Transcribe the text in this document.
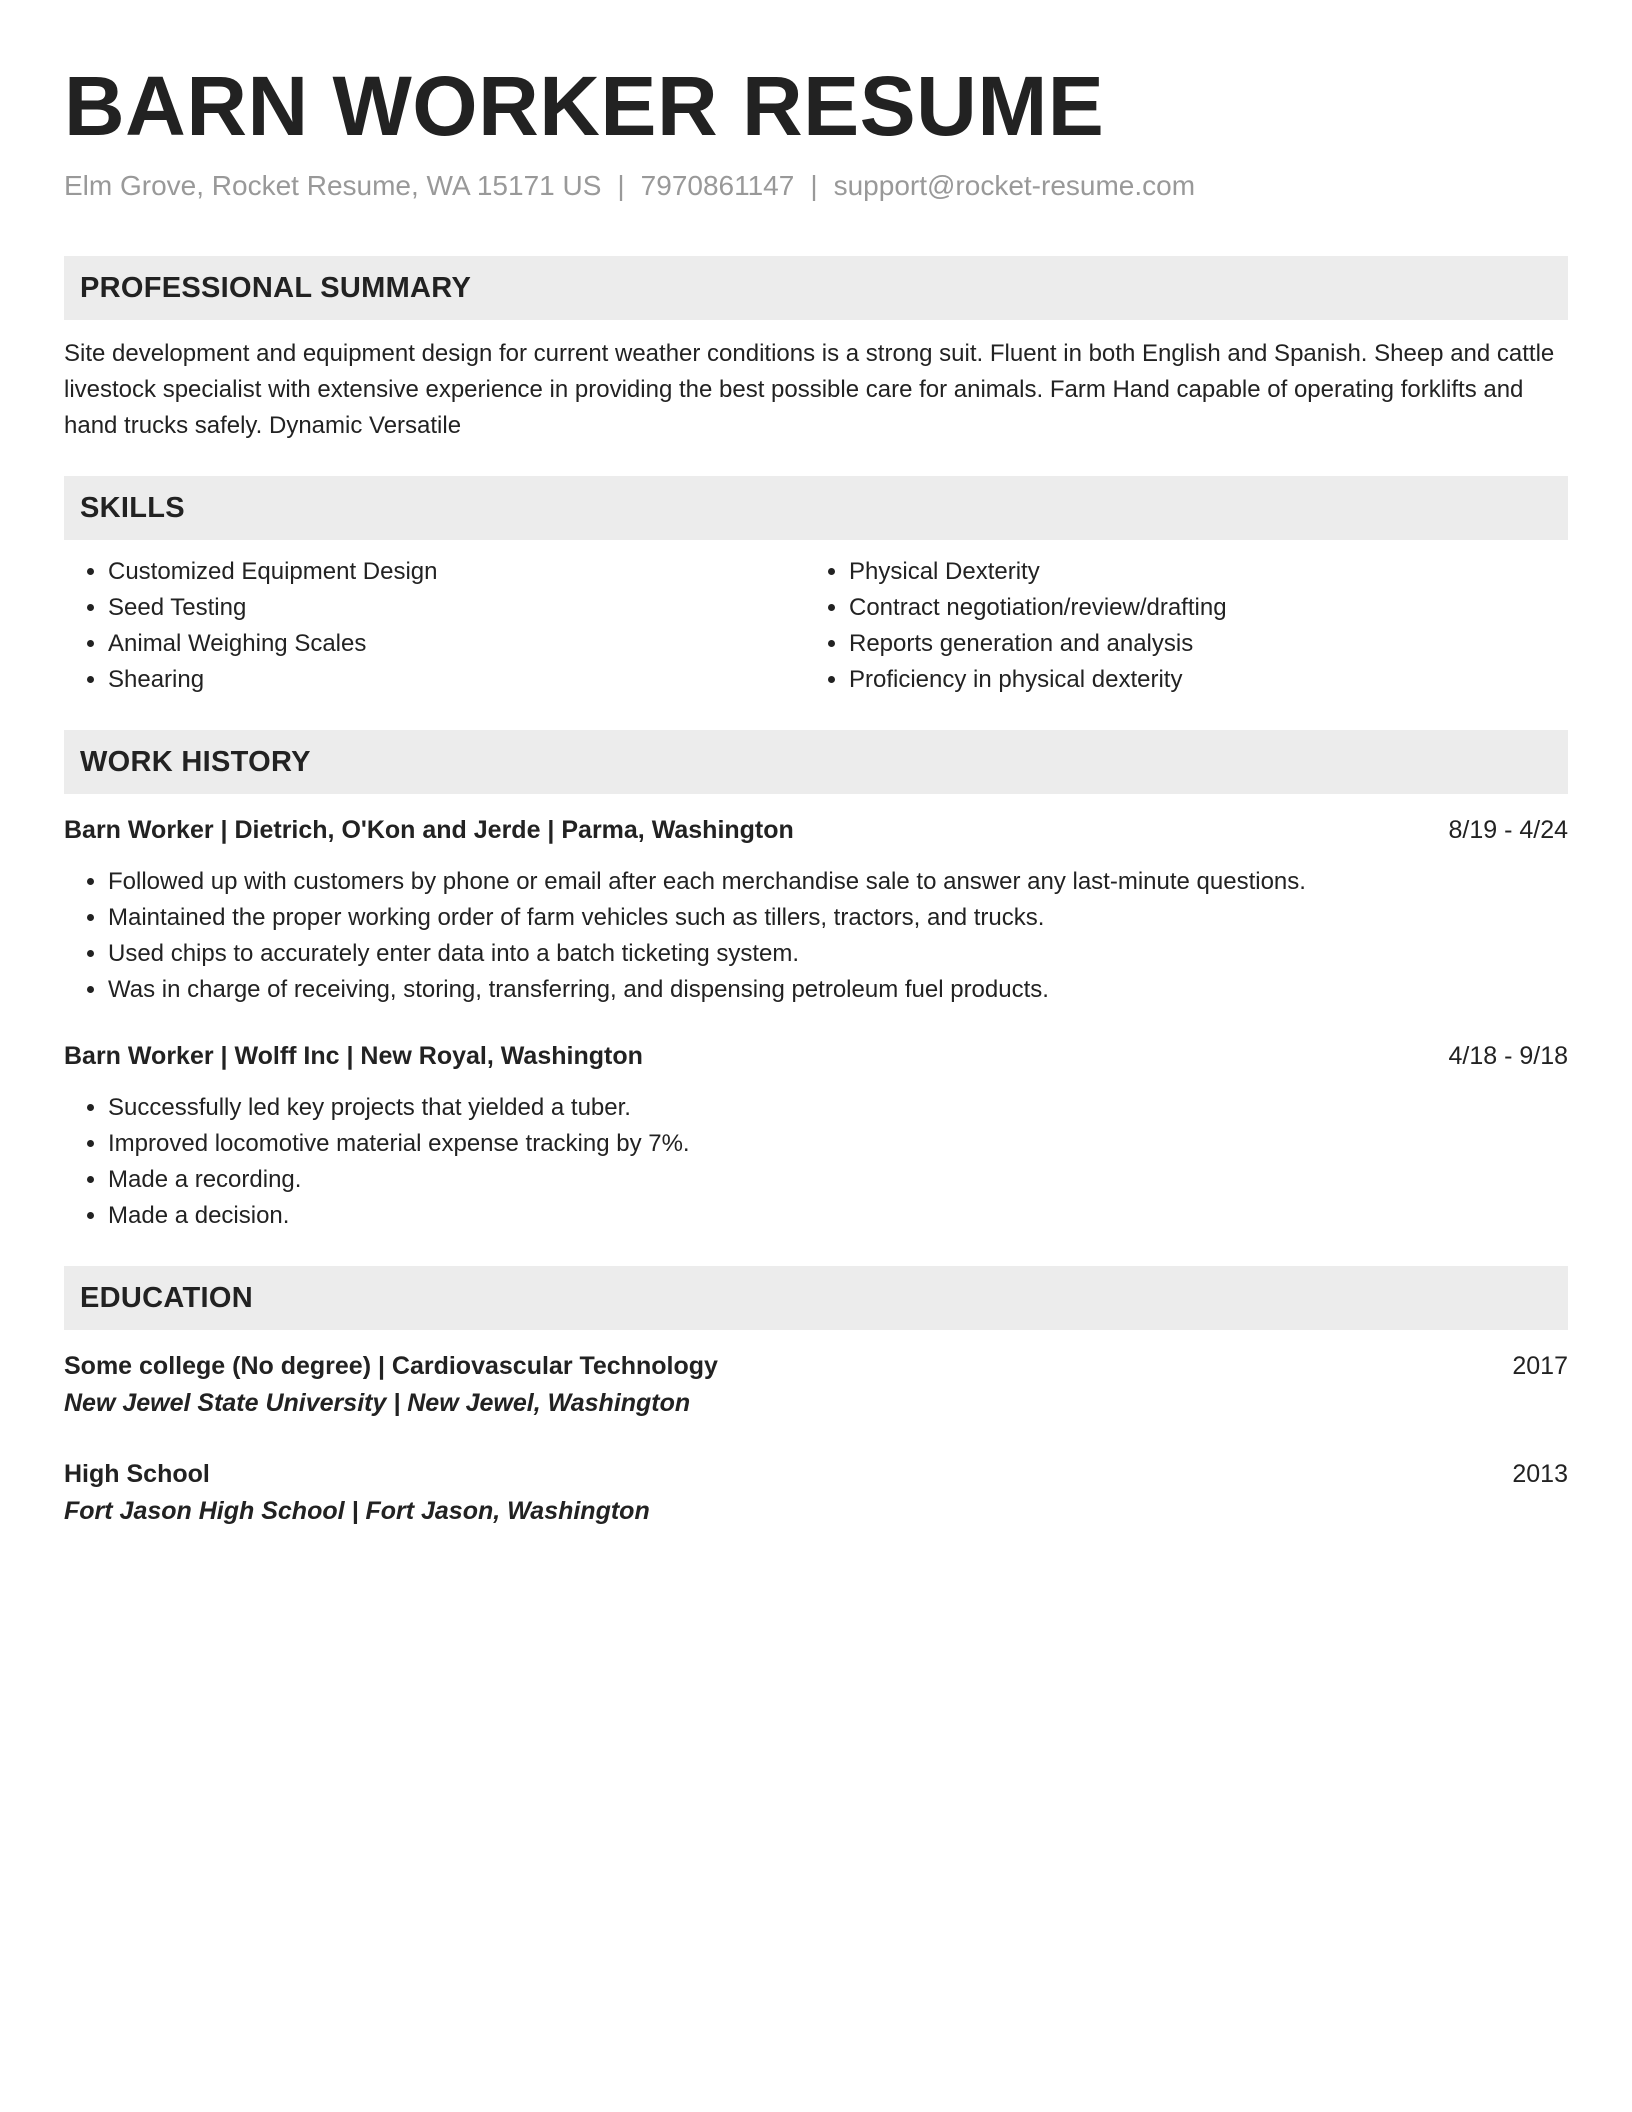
BARN WORKER RESUME
Elm Grove, Rocket Resume, WA 15171 US | 7970861147 | support@rocket-resume.com
PROFESSIONAL SUMMARY
Site development and equipment design for current weather conditions is a strong suit. Fluent in both English and Spanish. Sheep and cattle livestock specialist with extensive experience in providing the best possible care for animals. Farm Hand capable of operating forklifts and hand trucks safely. Dynamic Versatile
SKILLS
• Customized Equipment Design
• Seed Testing
• Animal Weighing Scales
• Shearing
• Physical Dexterity
• Contract negotiation/review/drafting
• Reports generation and analysis
• Proficiency in physical dexterity
WORK HISTORY
Barn Worker | Dietrich, O'Kon and Jerde | Parma, Washington	8/19 - 4/24
• Followed up with customers by phone or email after each merchandise sale to answer any last-minute questions.
• Maintained the proper working order of farm vehicles such as tillers, tractors, and trucks.
• Used chips to accurately enter data into a batch ticketing system.
• Was in charge of receiving, storing, transferring, and dispensing petroleum fuel products.
Barn Worker | Wolff Inc | New Royal, Washington	4/18 - 9/18
• Successfully led key projects that yielded a tuber.
• Improved locomotive material expense tracking by 7%.
• Made a recording.
• Made a decision.
EDUCATION
Some college (No degree) | Cardiovascular Technology	2017
New Jewel State University | New Jewel, Washington
High School	2013
Fort Jason High School | Fort Jason, Washington
